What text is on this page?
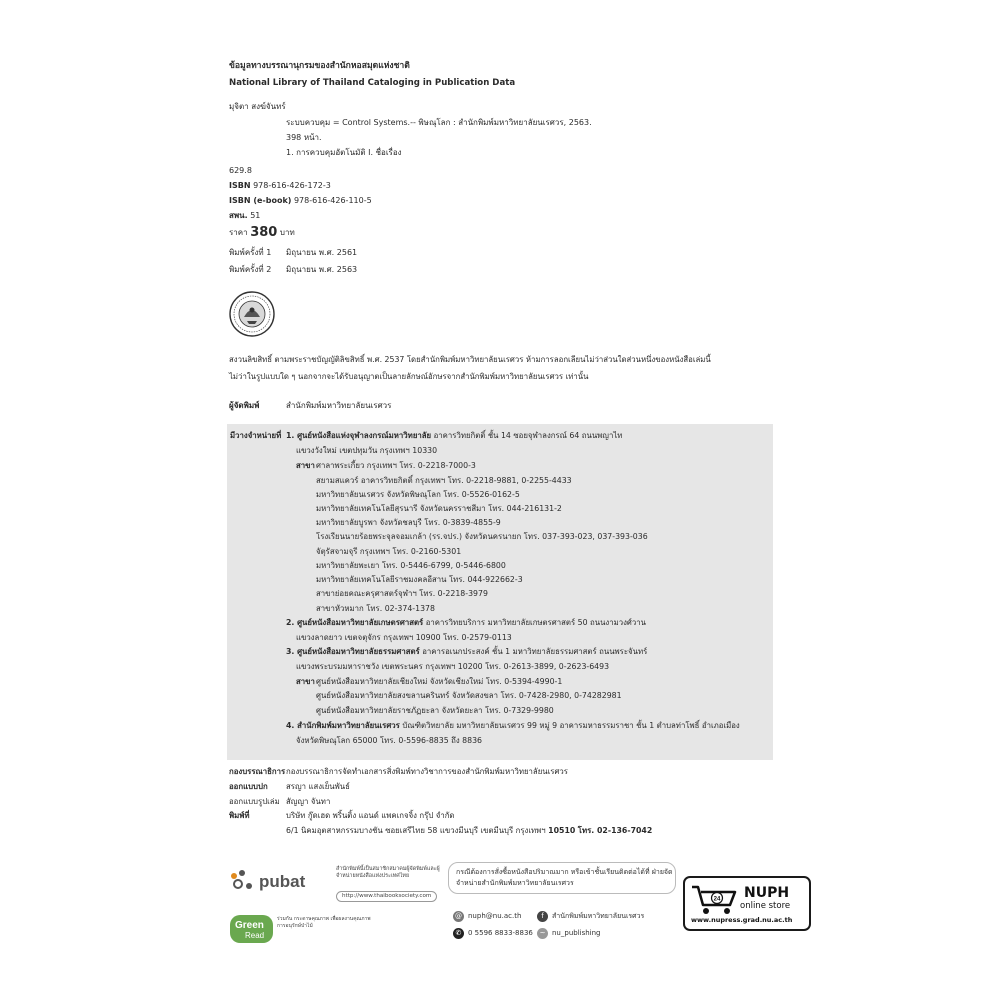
ข้อมูลทางบรรณานุกรมของสำนักหอสมุดแห่งชาติ
National Library of Thailand Cataloging in Publication Data
มุจิตา สงฆ์จันทร์
ระบบควบคุม = Control Systems.-- พิษณุโลก : สำนักพิมพ์มหาวิทยาลัยนเรศวร, 2563.
398 หน้า.
1. การควบคุมอัตโนมัติ I. ชื่อเรื่อง
629.8
ISBN 978-616-426-172-3
ISBN (e-book) 978-616-426-110-5
สพน. 51
ราคา 380 บาท
พิมพ์ครั้งที่ 1 มิถุนายน พ.ศ. 2561
พิมพ์ครั้งที่ 2 มิถุนายน พ.ศ. 2563
สงวนลิขสิทธิ์ ตามพระราชบัญญัติลิขสิทธิ์ พ.ศ. 2537 โดยสำนักพิมพ์มหาวิทยาลัยนเรศวร ห้ามการลอกเลียนไม่ว่าส่วนใดส่วนหนึ่งของหนังสือเล่มนี้
ไม่ว่าในรูปแบบใด ๆ นอกจากจะได้รับอนุญาตเป็นลายลักษณ์อักษรจากสำนักพิมพ์มหาวิทยาลัยนเรศวร เท่านั้น
ผู้จัดพิมพ์	สำนักพิมพ์มหาวิทยาลัยนเรศวร
มีวางจำหน่ายที่ 1. ศูนย์หนังสือแห่งจุฬาลงกรณ์มหาวิทยาลัย อาคารวิทยกิตติ์ ชั้น 14 ซอยจุฬาลงกรณ์ 64 ถนนพญาไท
แขวงวังใหม่ เขตปทุมวัน กรุงเทพฯ 10330
สาขา ศาลาพระเกี้ยว กรุงเทพฯ โทร. 0-2218-7000-3
สยามสแควร์ อาคารวิทยกิตติ์ กรุงเทพฯ โทร. 0-2218-9881, 0-2255-4433
มหาวิทยาลัยนเรศวร จังหวัดพิษณุโลก โทร. 0-5526-0162-5
มหาวิทยาลัยเทคโนโลยีสุรนารี จังหวัดนครราชสีมา โทร. 044-216131-2
มหาวิทยาลัยบูรพา จังหวัดชลบุรี โทร. 0-3839-4855-9
โรงเรียนนายร้อยพระจุลจอมเกล้า (รร.จปร.) จังหวัดนครนายก โทร. 037-393-023, 037-393-036
จัตุรัสจามจุรี กรุงเทพฯ โทร. 0-2160-5301
มหาวิทยาลัยพะเยา โทร. 0-5446-6799, 0-5446-6800
มหาวิทยาลัยเทคโนโลยีราชมงคลอีสาน โทร. 044-922662-3
สาขาย่อยคณะครุศาสตร์จุฬาฯ โทร. 0-2218-3979
สาขาหัวหมาก โทร. 02-374-1378
2. ศูนย์หนังสือมหาวิทยาลัยเกษตรศาสตร์ อาคารวิทยบริการ มหาวิทยาลัยเกษตรศาสตร์ 50 ถนนงามวงศ์วาน
แขวงลาดยาว เขตจตุจักร กรุงเทพฯ 10900 โทร. 0-2579-0113
3. ศูนย์หนังสือมหาวิทยาลัยธรรมศาสตร์ อาคารอเนกประสงค์ ชั้น 1 มหาวิทยาลัยธรรมศาสตร์ ถนนพระจันทร์
แขวงพระบรมมหาราชวัง เขตพระนคร กรุงเทพฯ 10200 โทร. 0-2613-3899, 0-2623-6493
สาขา ศูนย์หนังสือมหาวิทยาลัยเชียงใหม่ จังหวัดเชียงใหม่ โทร. 0-5394-4990-1
ศูนย์หนังสือมหาวิทยาลัยสงขลานครินทร์ จังหวัดสงขลา โทร. 0-7428-2980, 0-74282981
ศูนย์หนังสือมหาวิทยาลัยราชภัฏยะลา จังหวัดยะลา โทร. 0-7329-9980
4. สำนักพิมพ์มหาวิทยาลัยนเรศวร บัณฑิตวิทยาลัย มหาวิทยาลัยนเรศวร 99 หมู่ 9 อาคารมหาธรรมราชา ชั้น 1 ตำบลท่าโพธิ์ อำเภอเมือง
จังหวัดพิษณุโลก 65000 โทร. 0-5596-8835 ถึง 8836
กองบรรณาธิการ กองบรรณาธิการจัดทำเอกสารสิ่งพิมพ์ทางวิชาการของสำนักพิมพ์มหาวิทยาลัยนเรศวร
ออกแบบปก สรญา แสงเย็นพันธ์
ออกแบบรูปเล่ม สัญญา จันทา
พิมพ์ที่	บริษัท กู๊ดเฮด พริ้นติ้ง แอนด์ แพคเกจจิ้ง กรุ๊ป จำกัด
6/1 นิคมอุตสาหกรรมบางชัน ซอยเสรีไทย 58 แขวงมีนบุรี เขตมีนบุรี กรุงเทพฯ 10510 โทร. 02-136-7042
pubat
สำนักพิมพ์นี้เป็นสมาชิกสมาคมผู้จัดพิมพ์และผู้จำหน่ายหนังสือแห่งประเทศไทย
http://www.thaibooksociety.com
Green
Read
ร่วมกัน กระดาษคุณภาพ เพื่อผลงานคุณภาพ การอนุรักษ์ป่าไม้
กรณีต้องการสั่งซื้อหนังสือปริมาณมาก หรือเข้าชั้นเรียนติดต่อได้ที่ ฝ่ายจัดจำหน่ายสำนักพิมพ์มหาวิทยาลัยนเรศวร
@ nuph@nu.ac.th	f	สำนักพิมพ์มหาวิทยาลัยนเรศวร
✆ 0 5596 8833-8836 ~ nu_publishing
24 NUPH
online store
www.nupress.grad.nu.ac.th
